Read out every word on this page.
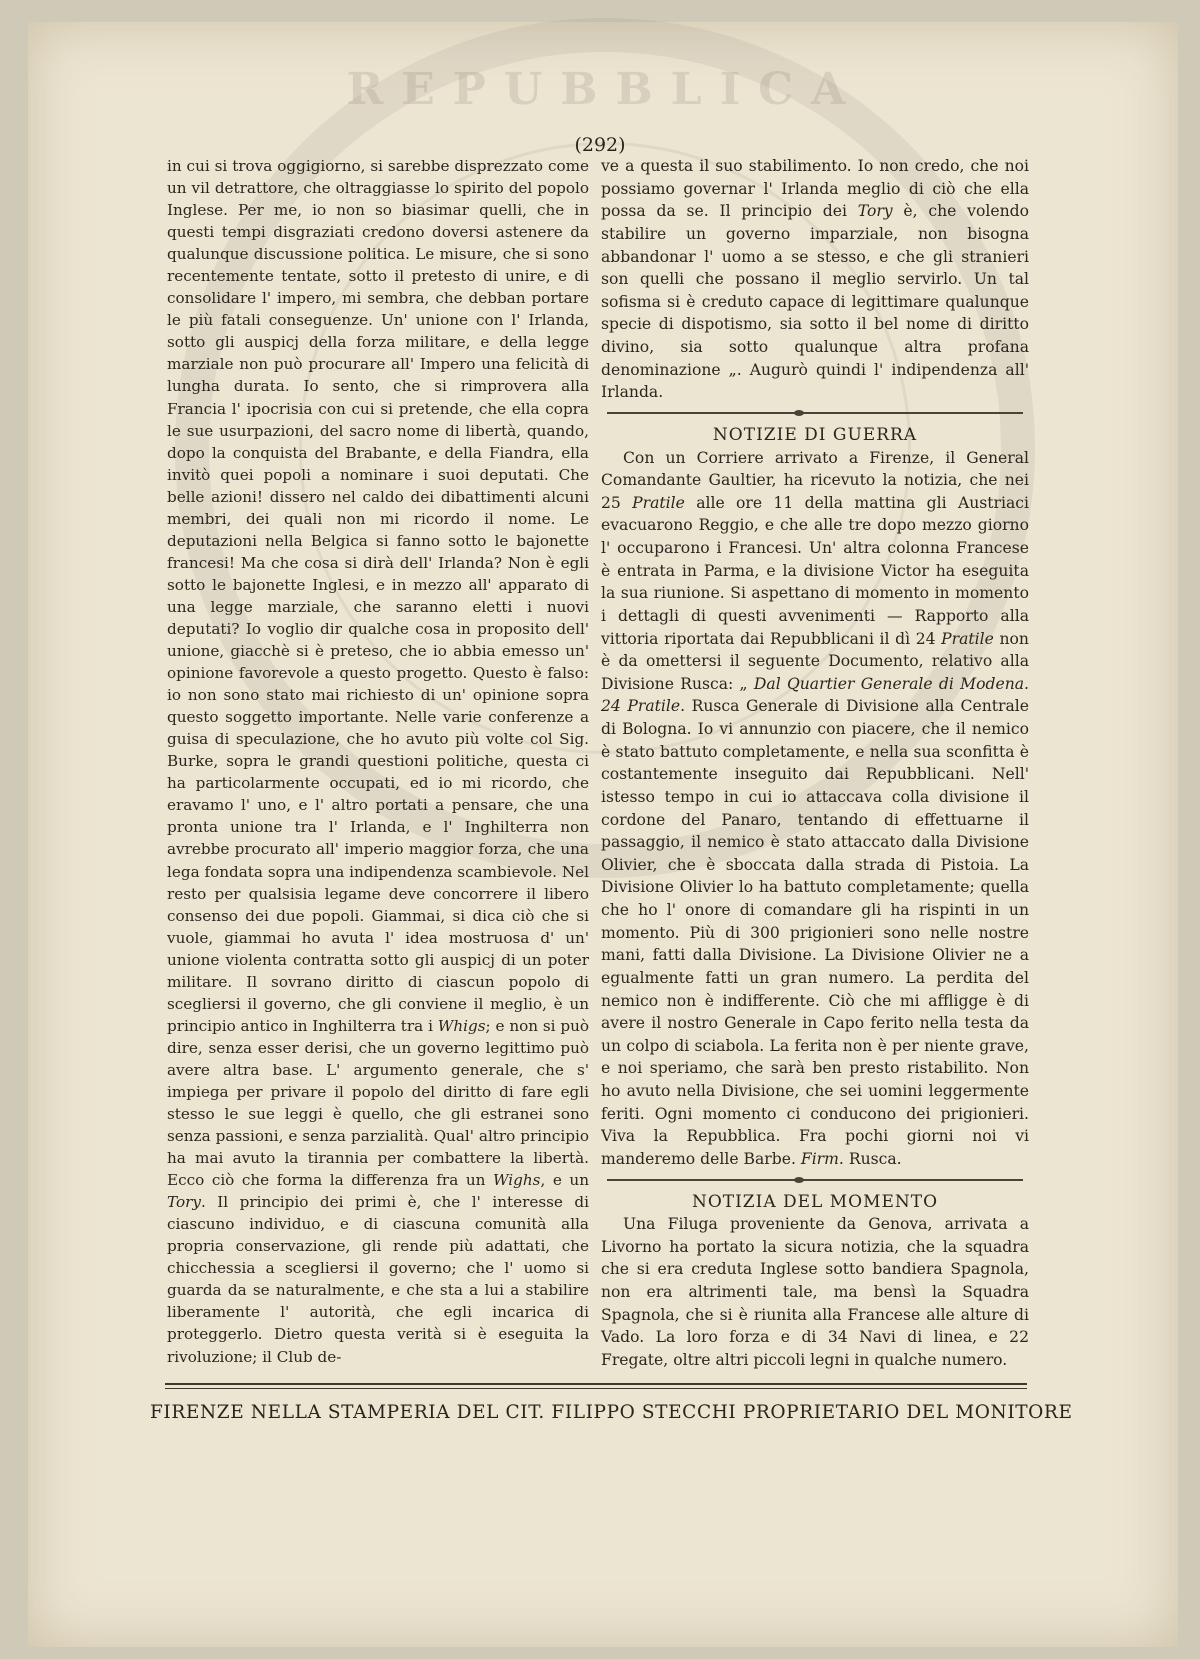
(292)

in cui si trova oggigiorno, si sarebbe disprezzato come un vil detrattore, che oltraggiasse lo spirito del popolo Inglese. Per me, io non so biasimar quelli, che in questi tempi disgraziati credono doversi astenere da qualunque discussione politica. Le misure, che si sono recentemente tentate, sotto il pretesto di unire, e di consolidare l' impero, mi sembra, che debban portare le più fatali conseguenze. Un' unione con l' Irlanda, sotto gli auspicj della forza militare, e della legge marziale non può procurare all' Impero una felicità di lungha durata. Io sento, che si rimprovera alla Francia l' ipocrisia con cui si pretende, che ella copra le sue usurpazioni, del sacro nome di libertà, quando, dopo la conquista del Brabante, e della Fiandra, ella invitò quei popoli a nominare i suoi deputati. Che belle azioni! dissero nel caldo dei dibattimenti alcuni membri, dei quali non mi ricordo il nome. Le deputazioni nella Belgica si fanno sotto le bajonette francesi! Ma che cosa si dirà dell' Irlanda? Non è egli sotto le bajonette Inglesi, e in mezzo all' apparato di una legge marziale, che saranno eletti i nuovi deputati? Io voglio dir qualche cosa in proposito dell' unione, giacchè si è preteso, che io abbia emesso un' opinione favorevole a questo progetto. Questo è falso: io non sono stato mai richiesto di un' opinione sopra questo soggetto importante. Nelle varie conferenze a guisa di speculazione, che ho avuto più volte col Sig. Burke, sopra le grandi questioni politiche, questa ci ha particolarmente occupati, ed io mi ricordo, che eravamo l' uno, e l' altro portati a pensare, che una pronta unione tra l' Irlanda, e l' Inghilterra non avrebbe procurato all' imperio maggior forza, che una lega fondata sopra una indipendenza scambievole. Nel resto per qualsisia legame deve concorrere il libero consenso dei due popoli. Giammai, si dica ciò che si vuole, giammai ho avuta l' idea mostruosa d' un' unione violenta contratta sotto gli auspicj di un poter militare. Il sovrano diritto di ciascun popolo di scegliersi il governo, che gli conviene il meglio, è un principio antico in Inghilterra tra i Whigs; e non si può dire, senza esser derisi, che un governo legittimo può avere altra base. L' argumento generale, che s' impiega per privare il popolo del diritto di fare egli stesso le sue leggi è quello, che gli estranei sono senza passioni, e senza parzialità. Qual' altro principio ha mai avuto la tirannia per combattere la libertà. Ecco ciò che forma la differenza fra un Wighs, e un Tory. Il principio dei primi è, che l' interesse di ciascuno individuo, e di ciascuna comunità alla propria conservazione, gli rende più adattati, che chicchessia a scegliersi il governo; che l' uomo si guarda da se naturalmente, e che sta a lui a stabilire liberamente l' autorità, che egli incarica di proteggerlo. Dietro questa verità si è eseguita la rivoluzione; il Club de-

ve a questa il suo stabilimento. Io non credo, che noi possiamo governar l' Irlanda meglio di ciò che ella possa da se. Il principio dei Tory è, che volendo stabilire un governo imparziale, non bisogna abbandonar l' uomo a se stesso, e che gli stranieri son quelli che possano il meglio servirlo. Un tal sofisma si è creduto capace di legittimare qualunque specie di dispotismo, sia sotto il bel nome di diritto divino, sia sotto qualunque altra profana denominazione „. Augurò quindi l' indipendenza all' Irlanda.

NOTIZIE DI GUERRA

Con un Corriere arrivato a Firenze, il General Comandante Gaultier, ha ricevuto la notizia, che nei 25 Pratile alle ore 11 della mattina gli Austriaci evacuarono Reggio, e che alle tre dopo mezzo giorno l' occuparono i Francesi. Un' altra colonna Francese è entrata in Parma, e la divisione Victor ha eseguita la sua riunione. Si aspettano di momento in momento i dettagli di questi avvenimenti — Rapporto alla vittoria riportata dai Repubblicani il dì 24 Pratile non è da omettersi il seguente Documento, relativo alla Divisione Rusca: „ Dal Quartier Generale di Modena. 24 Pratile. Rusca Generale di Divisione alla Centrale di Bologna. Io vi annunzio con piacere, che il nemico è stato battuto completamente, e nella sua sconfitta è costantemente inseguito dai Repubblicani. Nell' istesso tempo in cui io attaccava colla divisione il cordone del Panaro, tentando di effettuarne il passaggio, il nemico è stato attaccato dalla Divisione Olivier, che è sboccata dalla strada di Pistoia. La Divisione Olivier lo ha battuto completamente; quella che ho l' onore di comandare gli ha rispinti in un momento. Più di 300 prigionieri sono nelle nostre mani, fatti dalla Divisione. La Divisione Olivier ne a egualmente fatti un gran numero. La perdita del nemico non è indifferente. Ciò che mi affligge è di avere il nostro Generale in Capo ferito nella testa da un colpo di sciabola. La ferita non è per niente grave, e noi speriamo, che sarà ben presto ristabilito. Non ho avuto nella Divisione, che sei uomini leggermente feriti. Ogni momento ci conducono dei prigionieri. Viva la Repubblica. Fra pochi giorni noi vi manderemo delle Barbe. Firm. Rusca.

NOTIZIA DEL MOMENTO

Una Filuga proveniente da Genova, arrivata a Livorno ha portato la sicura notizia, che la squadra che si era creduta Inglese sotto bandiera Spagnola, non era altrimenti tale, ma bensì la Squadra Spagnola, che si è riunita alla Francese alle alture di Vado. La loro forza e di 34 Navi di linea, e 22 Fregate, oltre altri piccoli legni in qualche numero.

FIRENZE NELLA STAMPERIA DEL CIT. FILIPPO STECCHI PROPRIETARIO DEL MONITORE
